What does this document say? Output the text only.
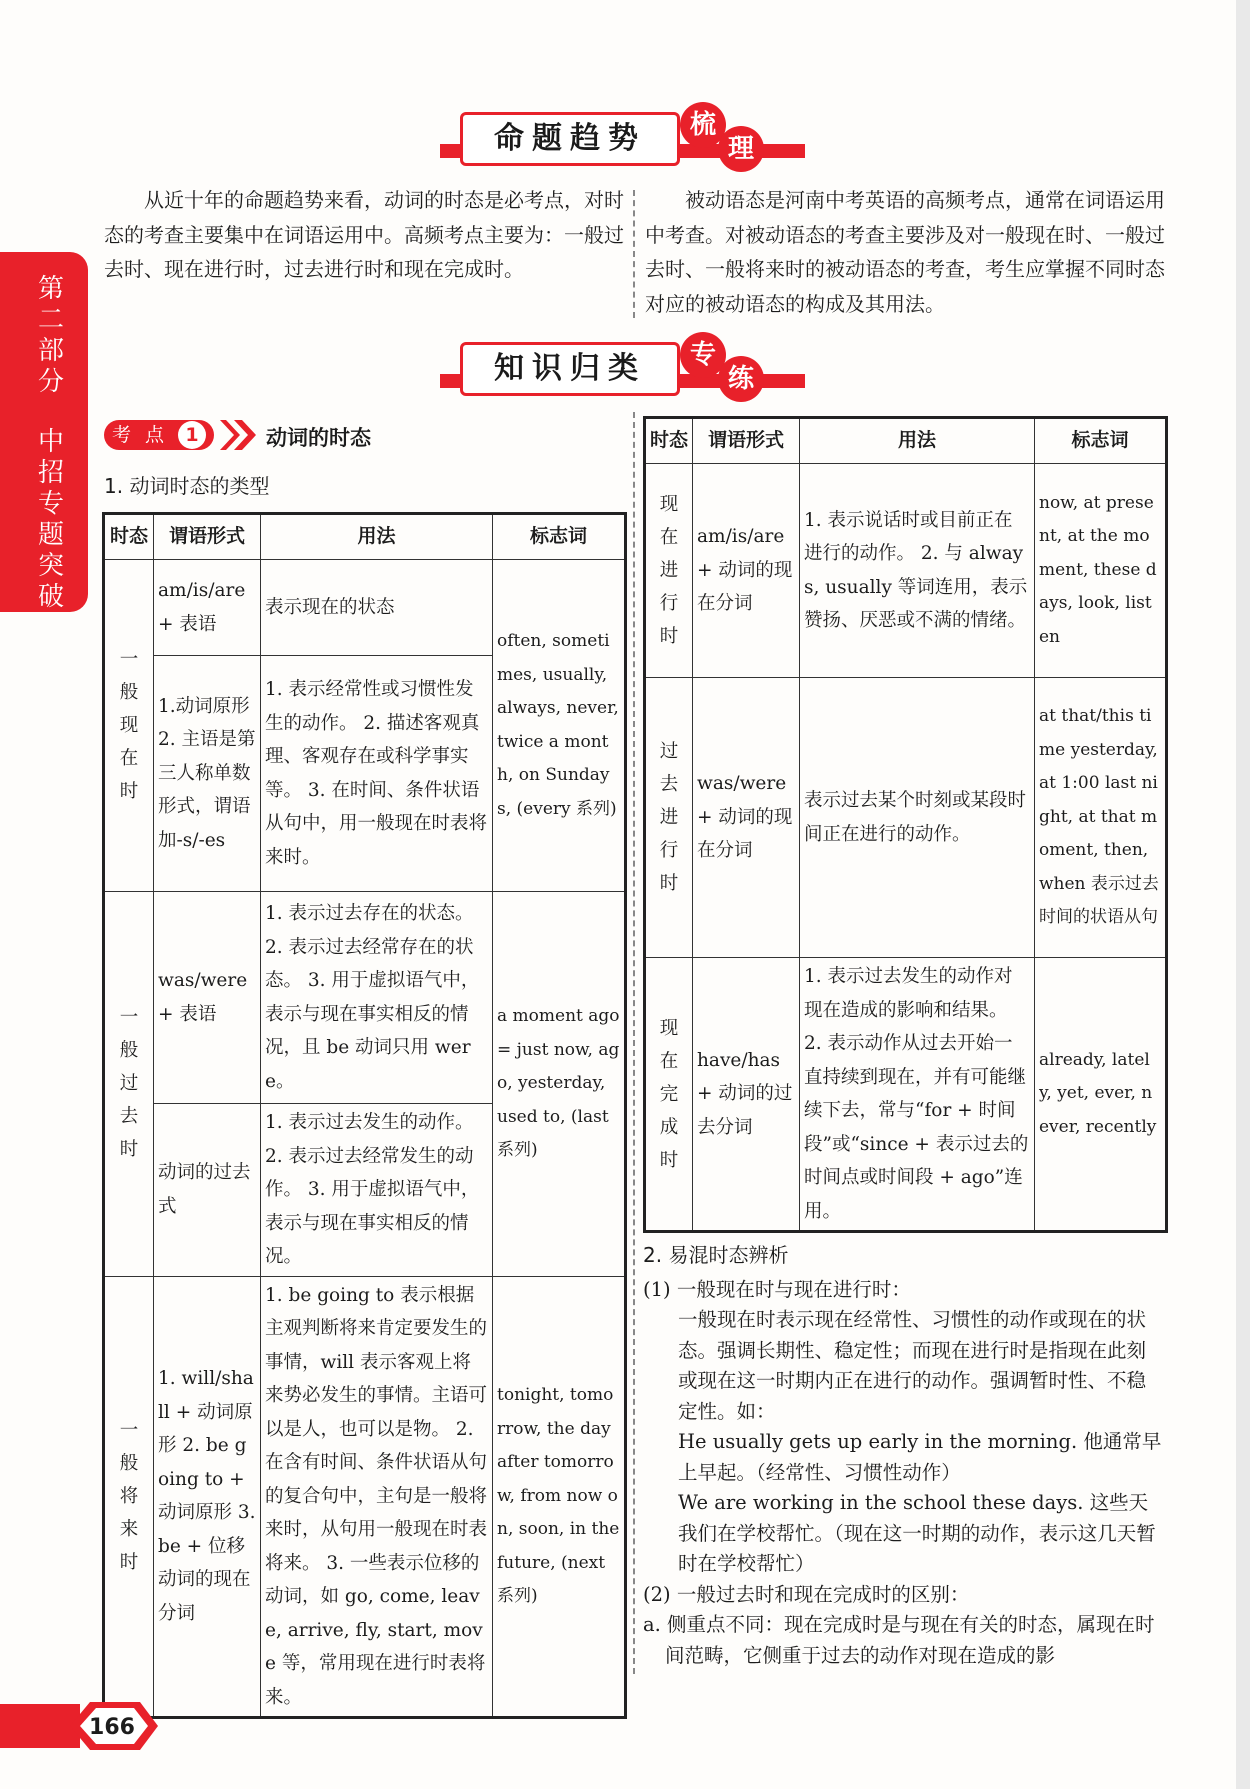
第二部分
中招专题突破
命题趋势	梳
理

从近十年的命题趋势来看，动词的时态是必考点，对时态的考查主要集中在词语运用中。高频考点主要为：一般过去时、现在进行时，过去进行时和现在完成时。

被动语态是河南中考英语的高频考点，通常在词语运用中考查。对被动语态的考查主要涉及对一般现在时、一般过去时、一般将来时的被动语态的考查，考生应掌握不同时态对应的被动语态的构成及其用法。

知识归类	专
练
考 点 1	动词的时态
1. 动词时态的类型
时态	谓语形式	用法	标志词

一般现在时	am/is/are + 表语	表示现在的状态	often, sometimes, usually, always, never, twice a month, on Sundays, (every 系列)
	1.动词原形 2. 主语是第三人称单数形式，谓语加-s/-es	1. 表示经常性或习惯性发生的动作。 2. 描述客观真理、客观存在或科学事实等。 3. 在时间、条件状语从句中，用一般现在时表将来时。	

一般过去时	was/were + 表语	1. 表示过去存在的状态。 2. 表示过去经常存在的状态。 3. 用于虚拟语气中，表示与现在事实相反的情况，且 be 动词只用 were。	a moment ago = just now, ago, yesterday, used to, (last 系列)
	动词的过去式	1. 表示过去发生的动作。 2. 表示过去经常发生的动作。 3. 用于虚拟语气中，表示与现在事实相反的情况。	

一般将来时	1. will/shall + 动词原形 2. be going to + 动词原形 3. be + 位移动词的现在分词	1. be going to 表示根据主观判断将来肯定要发生的事情，will 表示客观上将来势必发生的事情。主语可以是人，也可以是物。 2. 在含有时间、条件状语从句的复合句中，主句是一般将来时，从句用一般现在时表将来。 3. 一些表示位移的动词，如 go, come, leave, arrive, fly, start, move 等，常用现在进行时表将来。	tonight, tomorrow, the day after tomorrow, from now on, soon, in the future, (next 系列)
时态	谓语形式	用法	标志词

现在进行时	am/is/are + 动词的现在分词	1. 表示说话时或目前正在进行的动作。 2. 与 always, usually 等词连用，表示赞扬、厌恶或不满的情绪。	now, at present, at the moment, these days, look, listen

过去进行时	was/were + 动词的现在分词	表示过去某个时刻或某段时间正在进行的动作。	at that/this time yesterday, at 1:00 last night, at that moment, then, when 表示过去时间的状语从句

现在完成时	have/has + 动词的过去分词	1. 表示过去发生的动作对现在造成的影响和结果。 2. 表示动作从过去开始一直持续到现在，并有可能继续下去，常与“for + 时间段”或“since + 表示过去的时间点或时间段 + ago”连用。	already, lately, yet, ever, never, recently

2. 易混时态辨析

(1) 一般现在时与现在进行时：

一般现在时表示现在经常性、习惯性的动作或现在的状态。强调长期性、稳定性；而现在进行时是指现在此刻或现在这一时期内正在进行的动作。强调暂时性、不稳定性。如：

He usually gets up early in the morning. 他通常早上早起。（经常性、习惯性动作）

We are working in the school these days. 这些天我们在学校帮忙。（现在这一时期的动作，表示这几天暂时在学校帮忙）

(2) 一般过去时和现在完成时的区别：

a. 侧重点不同：现在完成时是与现在有关的时态，属现在时间范畴，它侧重于过去的动作对现在造成的影

166
